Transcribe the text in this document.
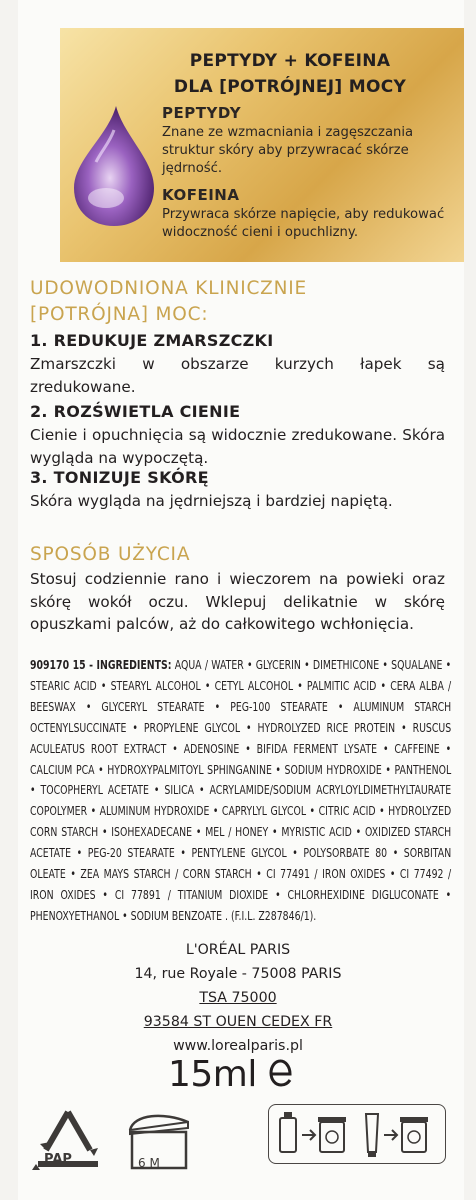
PEPTYDY + KOFEINA
DLA [POTRÓJNEJ] MOCY
PEPTYDY
Znane ze wzmacniania i zagęszczania struktur skóry aby przywracać skórze jędrność.
KOFEINA
Przywraca skórze napięcie, aby redukować widoczność cieni i opuchlizny.
UDOWODNIONA KLINICZNIE
[POTRÓJNA] MOC:
1. REDUKUJE ZMARSZCZKI
Zmarszczki w obszarze kurzych łapek są zredukowane.
2. ROZŚWIETLA CIENIE
Cienie i opuchnięcia są widocznie zredukowane. Skóra wygląda na wypoczętą.
3. TONIZUJE SKÓRĘ
Skóra wygląda na jędrniejszą i bardziej napiętą.
SPOSÓB UŻYCIA
Stosuj codziennie rano i wieczorem na powieki oraz skórę wokół oczu. Wklepuj delikatnie w skórę opuszkami palców, aż do całkowitego wchłonięcia.
909170 15 - INGREDIENTS: AQUA / WATER • GLYCERIN • DIMETHICONE • SQUALANE • STEARIC ACID • STEARYL ALCOHOL • CETYL ALCOHOL • PALMITIC ACID • CERA ALBA / BEESWAX • GLYCERYL STEARATE • PEG-100 STEARATE • ALUMINUM STARCH OCTENYLSUCCINATE • PROPYLENE GLYCOL • HYDROLYZED RICE PROTEIN • RUSCUS ACULEATUS ROOT EXTRACT • ADENOSINE • BIFIDA FERMENT LYSATE • CAFFEINE • CALCIUM PCA • HYDROXYPALMITOYL SPHINGANINE • SODIUM HYDROXIDE • PANTHENOL • TOCOPHERYL ACETATE • SILICA • ACRYLAMIDE/SODIUM ACRYLOYLDIMETHYLTAURATE COPOLYMER • ALUMINUM HYDROXIDE • CAPRYLYL GLYCOL • CITRIC ACID • HYDROLYZED CORN STARCH • ISOHEXADECANE • MEL / HONEY • MYRISTIC ACID • OXIDIZED STARCH ACETATE • PEG-20 STEARATE • PENTYLENE GLYCOL • POLYSORBATE 80 • SORBITAN OLEATE • ZEA MAYS STARCH / CORN STARCH • CI 77491 / IRON OXIDES • CI 77492 / IRON OXIDES • CI 77891 / TITANIUM DIOXIDE • CHLORHEXIDINE DIGLUCONATE • PHENOXYETHANOL • SODIUM BENZOATE . (F.I.L. Z287846/1).
L'ORÉAL PARIS
14, rue Royale - 75008 PARIS
TSA 75000
93584 ST OUEN CEDEX FR
www.lorealparis.pl
15ml
PAP	6 M
